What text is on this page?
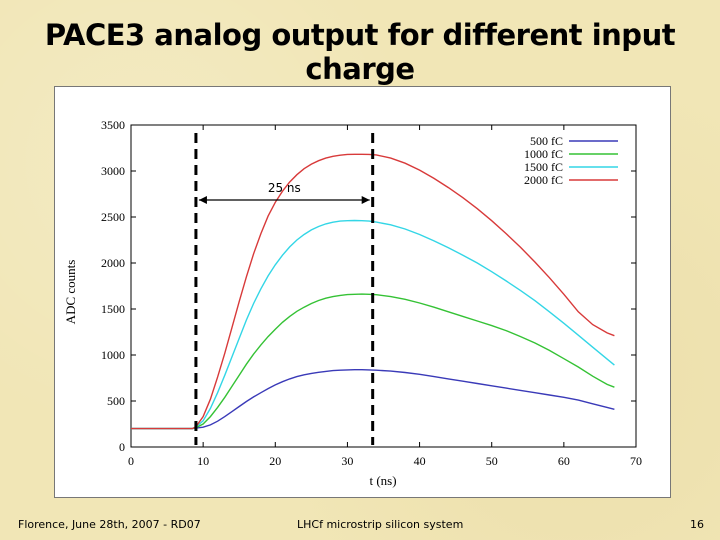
PACE3 analog output for different input charge
ADC counts
t (ns)
0	10	20	30	40	50	60	70
0
500
1000
1500
2000
2500
3000
3500
500 fC
1000 fC
1500 fC
2000 fC
25 ns
Florence, June 28th, 2007 - RD07	LHCf microstrip silicon system	16
